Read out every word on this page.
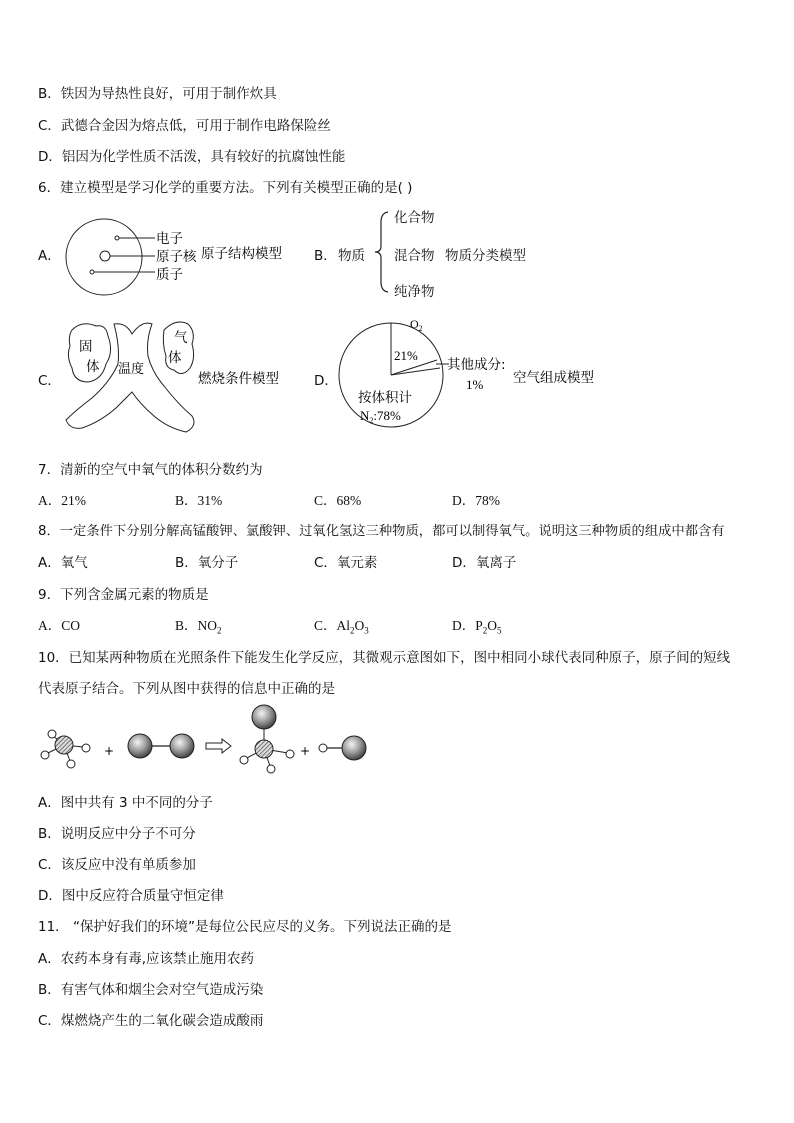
B．铁因为导热性良好，可用于制作炊具
C．武德合金因为熔点低，可用于制作电路保险丝
D．铝因为化学性质不活泼，具有较好的抗腐蚀性能
6．建立模型是学习化学的重要方法。下列有关模型正确的是( )
A．
电子
原子核
质子
原子结构模型 B． 物质
化合物
混合物 物质分类模型
纯净物
C．
固
体
气
体
温度
燃烧条件模型	D．
$O_2$
21%
其他成分:
1%
按体积计
$N_2:78\%$
空气组成模型
7．清新的空气中氧气的体积分数约为
A．21%	B．31%	C．68%	D．78%
8．一定条件下分别分解高锰酸钾、氯酸钾、过氧化氢这三种物质，都可以制得氧气。说明这三种物质的组成中都含有
A．氧气	B．氧分子	C．氧元素	D．氧离子
9．下列含金属元素的物质是
A．CO	B．$NO_2$	C．$Al_2O_3$	D．$P_2O_5$
10．已知某两种物质在光照条件下能发生化学反应，其微观示意图如下，图中相同小球代表同种原子，原子间的短线
代表原子结合。下列从图中获得的信息中正确的是
+	+
A．图中共有 3 中不同的分子
B．说明反应中分子不可分
C．该反应中没有单质参加
D．图中反应符合质量守恒定律
11． “保护好我们的环境”是每位公民应尽的义务。下列说法正确的是
A．农药本身有毒,应该禁止施用农药
B．有害气体和烟尘会对空气造成污染
C．煤燃烧产生的二氧化碳会造成酸雨
